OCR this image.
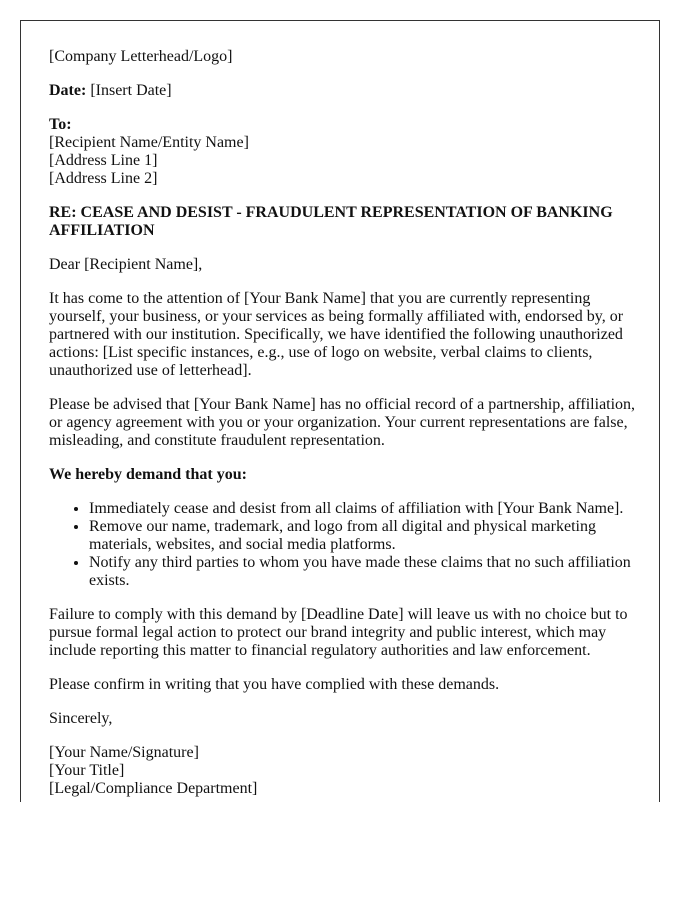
[Company Letterhead/Logo]

Date: [Insert Date]

To:
[Recipient Name/Entity Name]
[Address Line 1]
[Address Line 2]

RE: CEASE AND DESIST - FRAUDULENT REPRESENTATION OF BANKING AFFILIATION

Dear [Recipient Name],

It has come to the attention of [Your Bank Name] that you are currently representing yourself, your business, or your services as being formally affiliated with, endorsed by, or partnered with our institution. Specifically, we have identified the following unauthorized actions: [List specific instances, e.g., use of logo on website, verbal claims to clients, unauthorized use of letterhead].

Please be advised that [Your Bank Name] has no official record of a partnership, affiliation, or agency agreement with you or your organization. Your current representations are false, misleading, and constitute fraudulent representation.

We hereby demand that you:

• Immediately cease and desist from all claims of affiliation with [Your Bank Name].
• Remove our name, trademark, and logo from all digital and physical marketing materials, websites, and social media platforms.
• Notify any third parties to whom you have made these claims that no such affiliation exists.

Failure to comply with this demand by [Deadline Date] will leave us with no choice but to pursue formal legal action to protect our brand integrity and public interest, which may include reporting this matter to financial regulatory authorities and law enforcement.

Please confirm in writing that you have complied with these demands.

Sincerely,

[Your Name/Signature]
[Your Title]
[Legal/Compliance Department]
